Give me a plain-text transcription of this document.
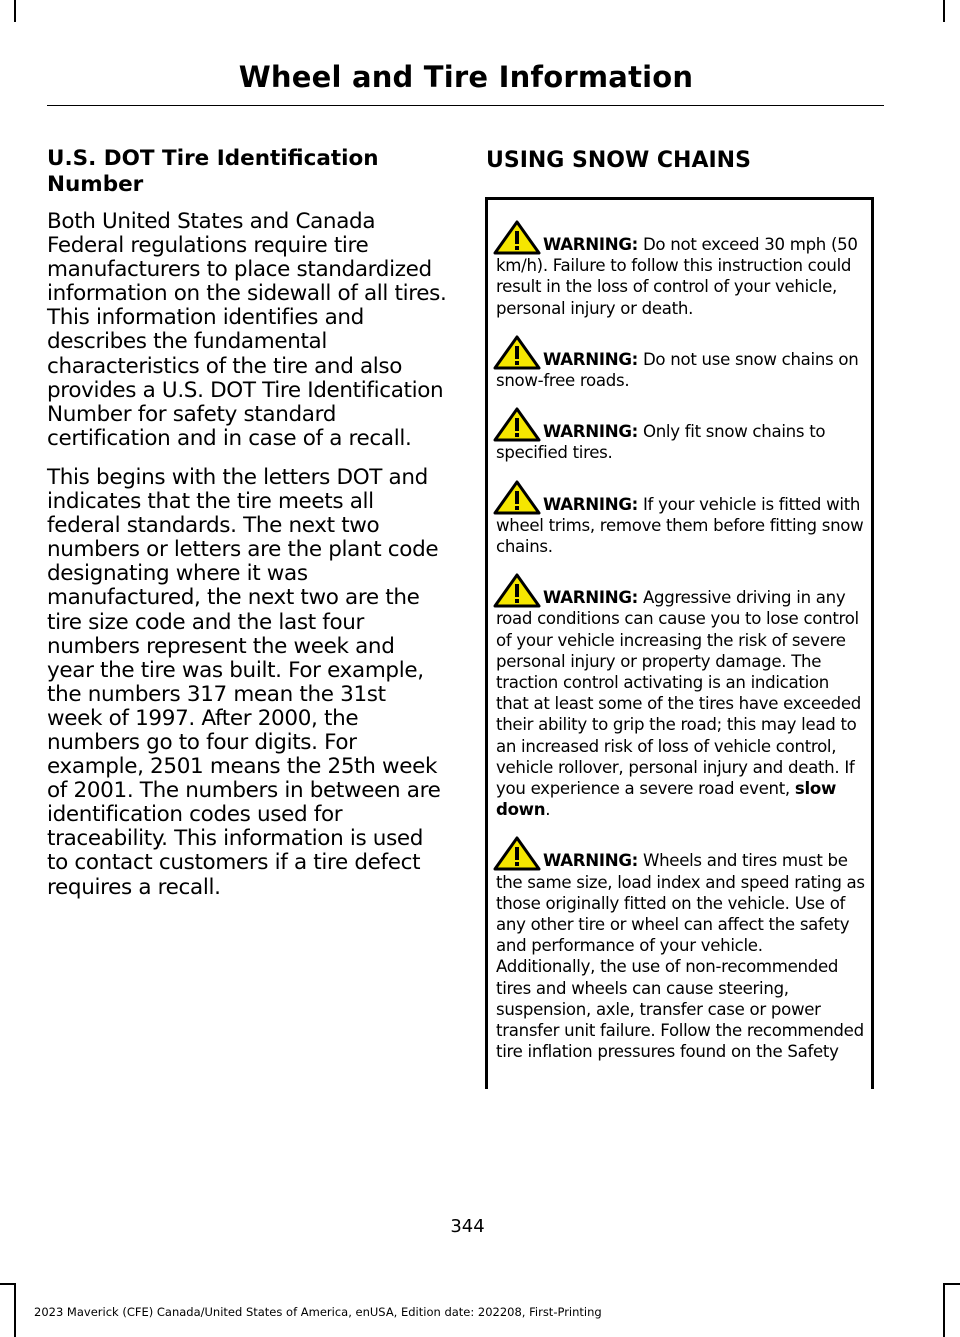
Wheel and Tire Information
U.S. DOT Tire Identification Number

Both United States and Canada Federal regulations require tire manufacturers to place standardized information on the sidewall of all tires. This information identifies and describes the fundamental characteristics of the tire and also provides a U.S. DOT Tire Identification Number for safety standard certification and in case of a recall.

This begins with the letters DOT and indicates that the tire meets all federal standards. The next two numbers or letters are the plant code designating where it was manufactured, the next two are the tire size code and the last four numbers represent the week and year the tire was built. For example, the numbers 317 mean the 31st week of 1997. After 2000, the numbers go to four digits. For example, 2501 means the 25th week of 2001. The numbers in between are identification codes used for traceability. This information is used to contact customers if a tire defect requires a recall.

USING SNOW CHAINS
WARNING: Do not exceed 30 mph (50 km/h). Failure to follow this instruction could result in the loss of control of your vehicle, personal injury or death.
WARNING: Do not use snow chains on snow-free roads.
WARNING: Only fit snow chains to specified tires.
WARNING: If your vehicle is fitted with wheel trims, remove them before fitting snow chains.
WARNING: Aggressive driving in any road conditions can cause you to lose control of your vehicle increasing the risk of severe personal injury or property damage. The traction control activating is an indication that at least some of the tires have exceeded their ability to grip the road; this may lead to an increased risk of loss of vehicle control, vehicle rollover, personal injury and death. If you experience a severe road event, slow down.
WARNING: Wheels and tires must be the same size, load index and speed rating as those originally fitted on the vehicle. Use of any other tire or wheel can affect the safety and performance of your vehicle. Additionally, the use of non-recommended tires and wheels can cause steering, suspension, axle, transfer case or power transfer unit failure. Follow the recommended tire inflation pressures found on the Safety
344
2023 Maverick (CFE) Canada/United States of America, enUSA, Edition date: 202208, First-Printing
